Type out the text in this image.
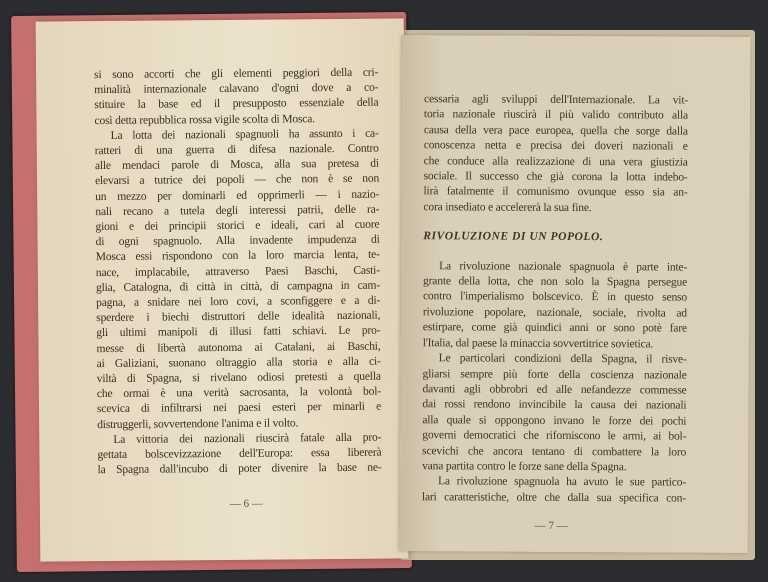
si sono accorti che gli elementi peggiori della cri-
minalità internazionale calavano d'ogni dove a co-
stituire la base ed il presupposto essenziale della
così detta repubblica rossa vigile scolta di Mosca.
La lotta dei nazionali spagnuoli ha assunto i ca-
ratteri di una guerra di difesa nazionale. Contro
alle mendaci parole di Mosca, alla sua pretesa di
elevarsi a tutrice dei popoli — che non è se non
un mezzo per dominarli ed opprimerli — i nazio-
nali recano a tutela degli interessi patrii, delle ra-
gioni e dei principii storici e ideali, cari al cuore
di ogni spagnuolo. Alla invadente impudenza di
Mosca essi rispondono con la loro marcia lenta, te-
nace, implacabile, attraverso Paesi Baschi, Casti-
glia, Catalogna, di città in città, di campagna in cam-
pagna, a snidare nei loro covi, a sconfiggere e a di-
sperdere i biechi distruttori delle idealità nazionali,
gli ultimi manipoli di illusi fatti schiavi. Le pro-
messe di libertà autonoma ai Catalani, ai Baschi,
ai Galiziani, suonano oltraggio alla storia e alla ci-
viltà di Spagna, si rivelano odiosi pretesti a quella
che ormai è una verità sacrosanta, la volontà bol-
scevica di infiltrarsi nei paesi esteri per minarli e
distruggerli, sovvertendone l'anima e il volto.
La vittoria dei nazionali riuscirà fatale alla pro-
gettata bolscevizzazione dell'Europa: essa libererà
la Spagna dall'incubo di poter divenire la base ne-
— 6 —
cessaria agli sviluppi dell'Internazionale. La vit-
toria nazionale riuscirà il più valido contributo alla
causa della vera pace europea, quella che sorge dalla
conoscenza netta e precisa dei doveri nazionali e
che conduce alla realizzazione di una vera giustizia
sociale. Il successo che già corona la lotta indebo-
lirà fatalmente il comunismo ovunque esso sia an-
cora insediato e accelererà la sua fine.
RIVOLUZIONE DI UN POPOLO.
La rivoluzione nazionale spagnuola è parte inte-
grante della lotta, che non solo la Spagna persegue
contro l'imperialismo bolscevico. È in questo senso
rivoluzione popolare, nazionale, sociale, rivolta ad
estirpare, come già quindici anni or sono potè fare
l'Italia, dal paese la minaccia sovvertitrice sovietica.
Le particolari condizioni della Spagna, il risve-
gliarsi sempre più forte della coscienza nazionale
davanti agli obbrobri ed alle nefandezze commesse
dai rossi rendono invincibile la causa dei nazionali
alla quale si oppongono invano le forze dei pochi
governi democratici che riforniscono le armi, ai bol-
scevichi che ancora tentano di combattere la loro
vana partita contro le forze sane della Spagna.
La rivoluzione spagnuola ha avuto le sue partico-
lari caratteristiche, oltre che dalla sua specifica con-
— 7 —
